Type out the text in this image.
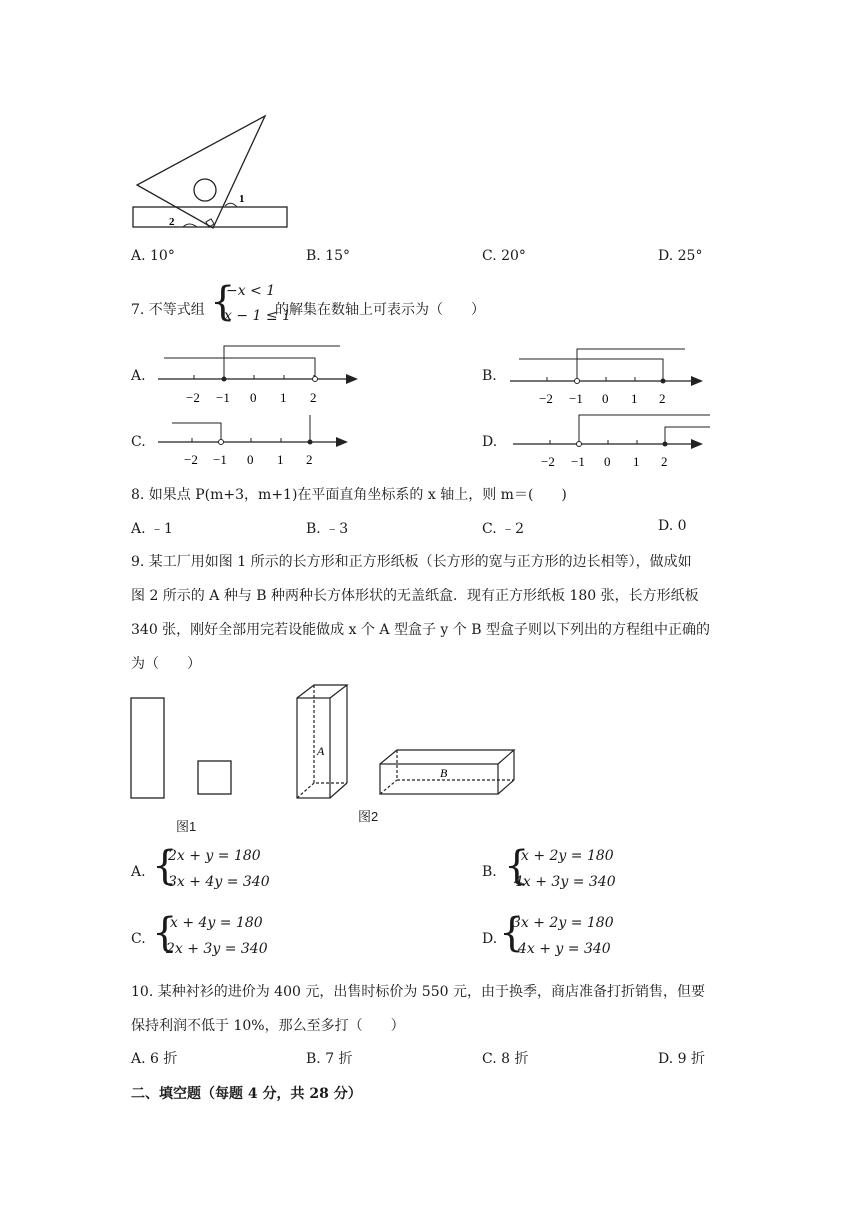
1
2
A. 10°	B. 15°	C. 20°	D. 25°
7. 不等式组 {
−x < 1
x − 1 ≤ 1
的解集在数轴上可表示为（　　）
A.
−2 −1 0 1 2
B.
−2 −1 0 1 2
C.
−2 −1 0 1 2
D.
−2 −1 0 1 2
8. 如果点 P(m+3，m+1)在平面直角坐标系的 x 轴上，则 m＝(　　)
A. ﹣1	B. ﹣3	C. ﹣2	D. 0
9. 某工厂用如图 1 所示的长方形和正方形纸板（长方形的宽与正方形的边长相等），做成如
图 2 所示的 A 种与 B 种两种长方体形状的无盖纸盒．现有正方形纸板 180 张，长方形纸板
340 张，刚好全部用完若设能做成 x 个 A 型盒子 y 个 B 型盒子则以下列出的方程组中正确的
为（　　）
图1
A
B
图2
A. {
2x + y = 180
3x + 4y = 340
B. {
x + 2y = 180
4x + 3y = 340
C. {
x + 4y = 180
2x + 3y = 340
D. {
3x + 2y = 180
4x + y = 340
10. 某种衬衫的进价为 400 元，出售时标价为 550 元，由于换季，商店准备打折销售，但要
保持利润不低于 10%，那么至多打（　　）
A. 6 折	B. 7 折	C. 8 折	D. 9 折
二、填空题（每题 4 分，共 28 分）
